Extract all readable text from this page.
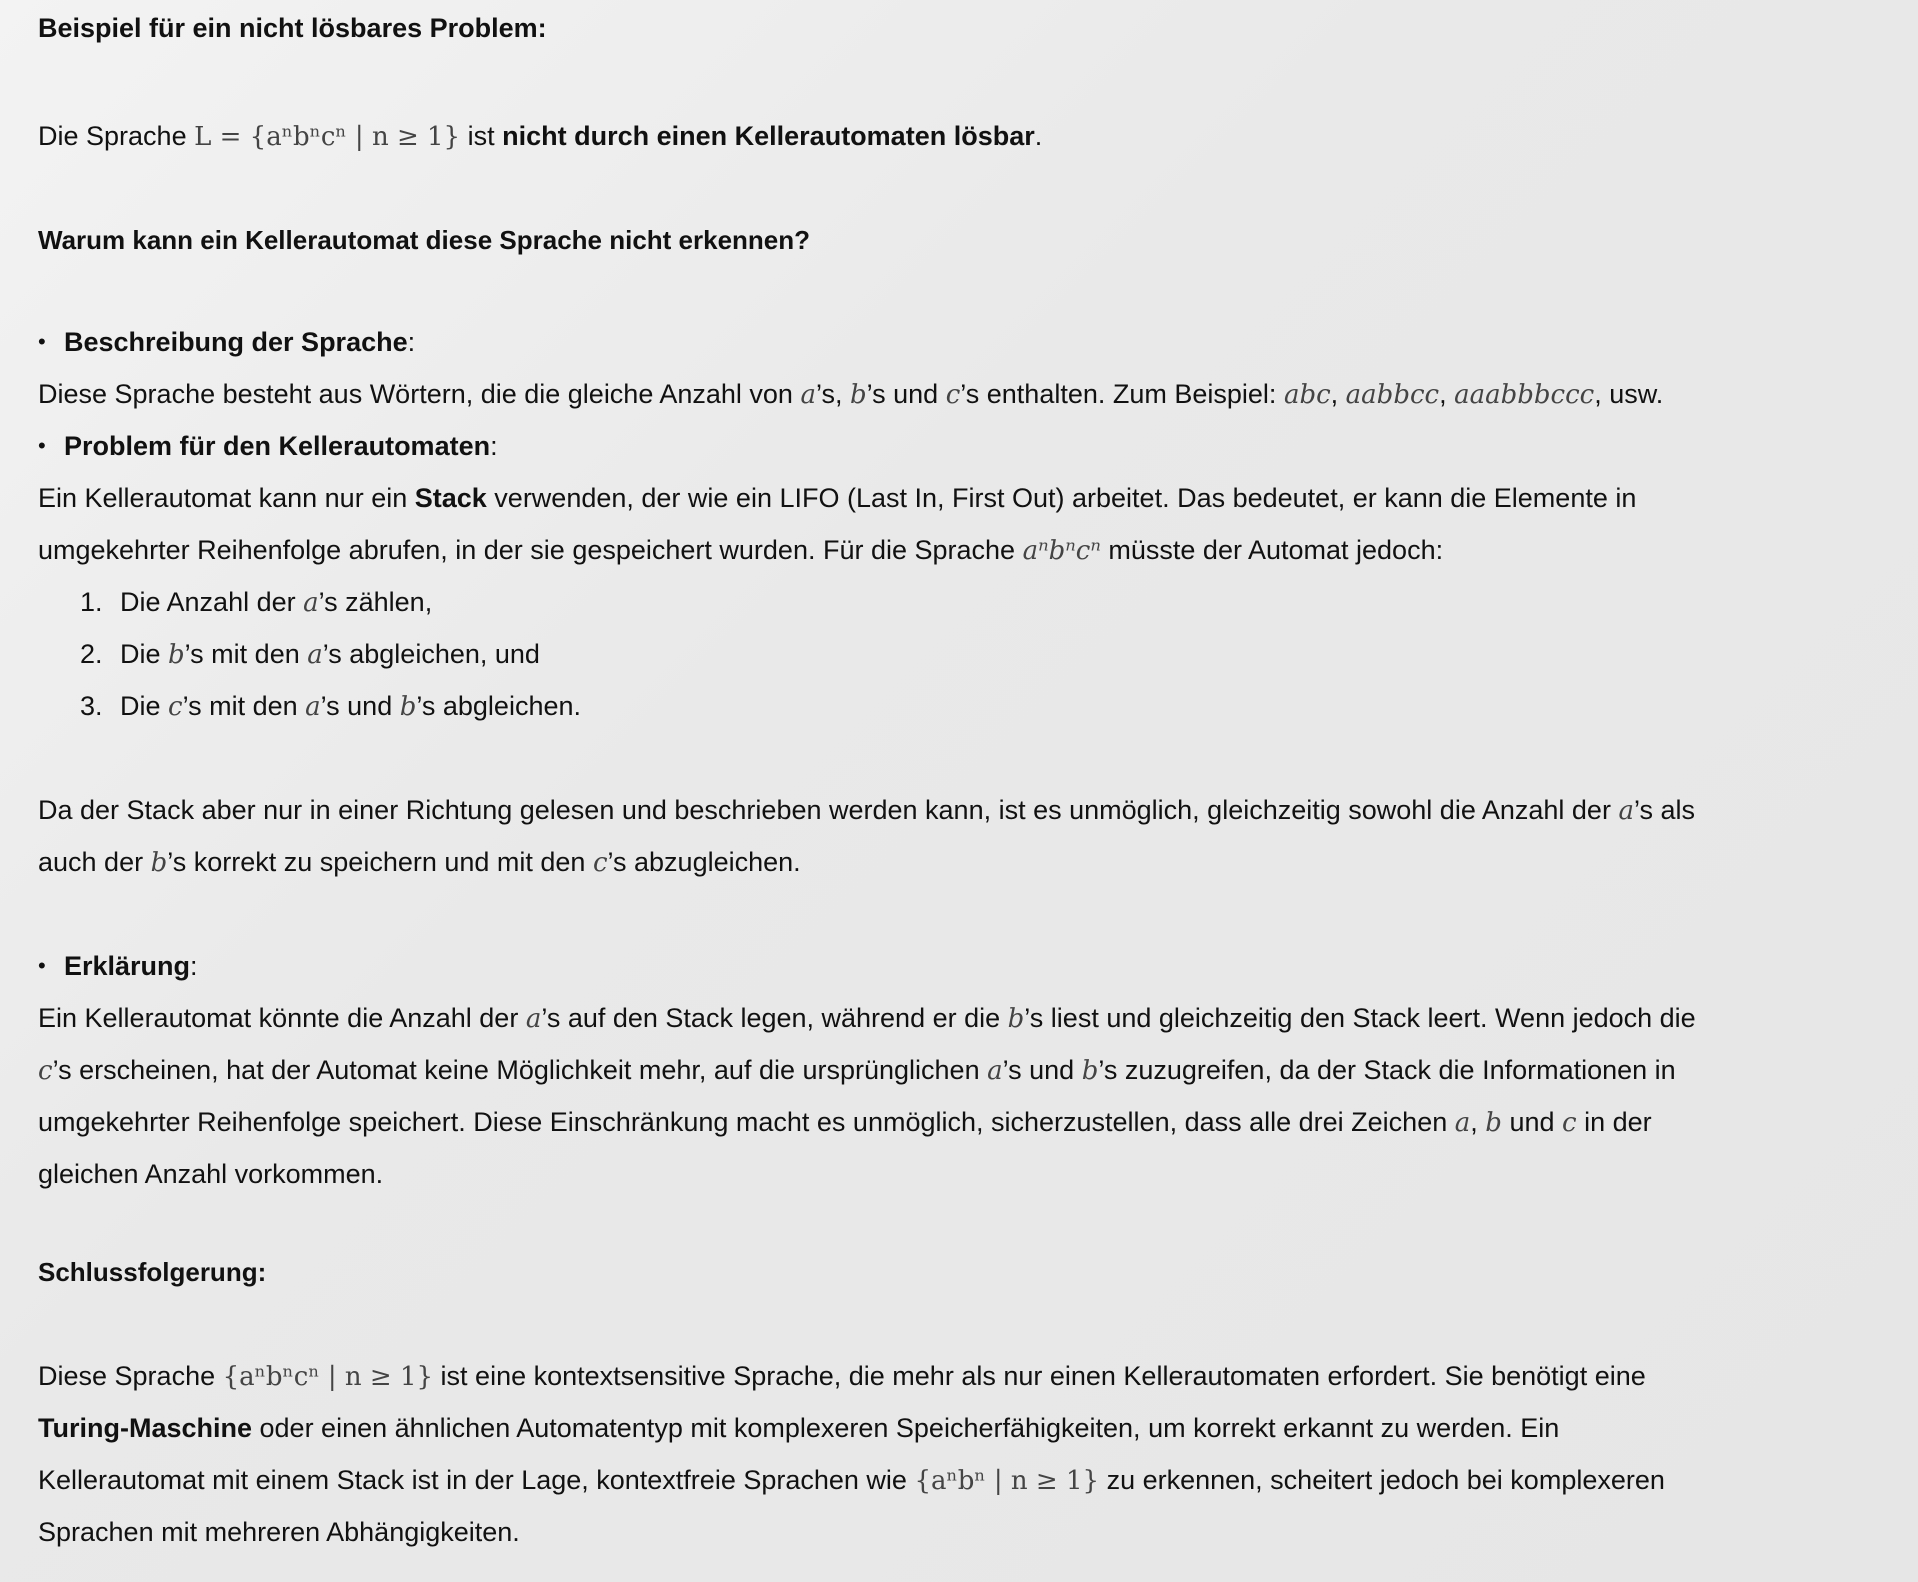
Beispiel für ein nicht lösbares Problem:
Die Sprache L = {aⁿbⁿcⁿ | n ≥ 1} ist nicht durch einen Kellerautomaten lösbar.
Warum kann ein Kellerautomat diese Sprache nicht erkennen?
• Beschreibung der Sprache:
Diese Sprache besteht aus Wörtern, die die gleiche Anzahl von a’s, b’s und c’s enthalten. Zum Beispiel: abc, aabbcc, aaabbbccc, usw.
• Problem für den Kellerautomaten:
Ein Kellerautomat kann nur ein Stack verwenden, der wie ein LIFO (Last In, First Out) arbeitet. Das bedeutet, er kann die Elemente in
umgekehrter Reihenfolge abrufen, in der sie gespeichert wurden. Für die Sprache aⁿbⁿcⁿ müsste der Automat jedoch:
1. Die Anzahl der a’s zählen,
2. Die b’s mit den a’s abgleichen, und
3. Die c’s mit den a’s und b’s abgleichen.
Da der Stack aber nur in einer Richtung gelesen und beschrieben werden kann, ist es unmöglich, gleichzeitig sowohl die Anzahl der a’s als
auch der b’s korrekt zu speichern und mit den c’s abzugleichen.
• Erklärung:
Ein Kellerautomat könnte die Anzahl der a’s auf den Stack legen, während er die b’s liest und gleichzeitig den Stack leert. Wenn jedoch die
c’s erscheinen, hat der Automat keine Möglichkeit mehr, auf die ursprünglichen a’s und b’s zuzugreifen, da der Stack die Informationen in
umgekehrter Reihenfolge speichert. Diese Einschränkung macht es unmöglich, sicherzustellen, dass alle drei Zeichen a, b und c in der
gleichen Anzahl vorkommen.
Schlussfolgerung:
Diese Sprache {aⁿbⁿcⁿ | n ≥ 1} ist eine kontextsensitive Sprache, die mehr als nur einen Kellerautomaten erfordert. Sie benötigt eine
Turing-Maschine oder einen ähnlichen Automatentyp mit komplexeren Speicherfähigkeiten, um korrekt erkannt zu werden. Ein
Kellerautomat mit einem Stack ist in der Lage, kontextfreie Sprachen wie {aⁿbⁿ | n ≥ 1} zu erkennen, scheitert jedoch bei komplexeren
Sprachen mit mehreren Abhängigkeiten.
